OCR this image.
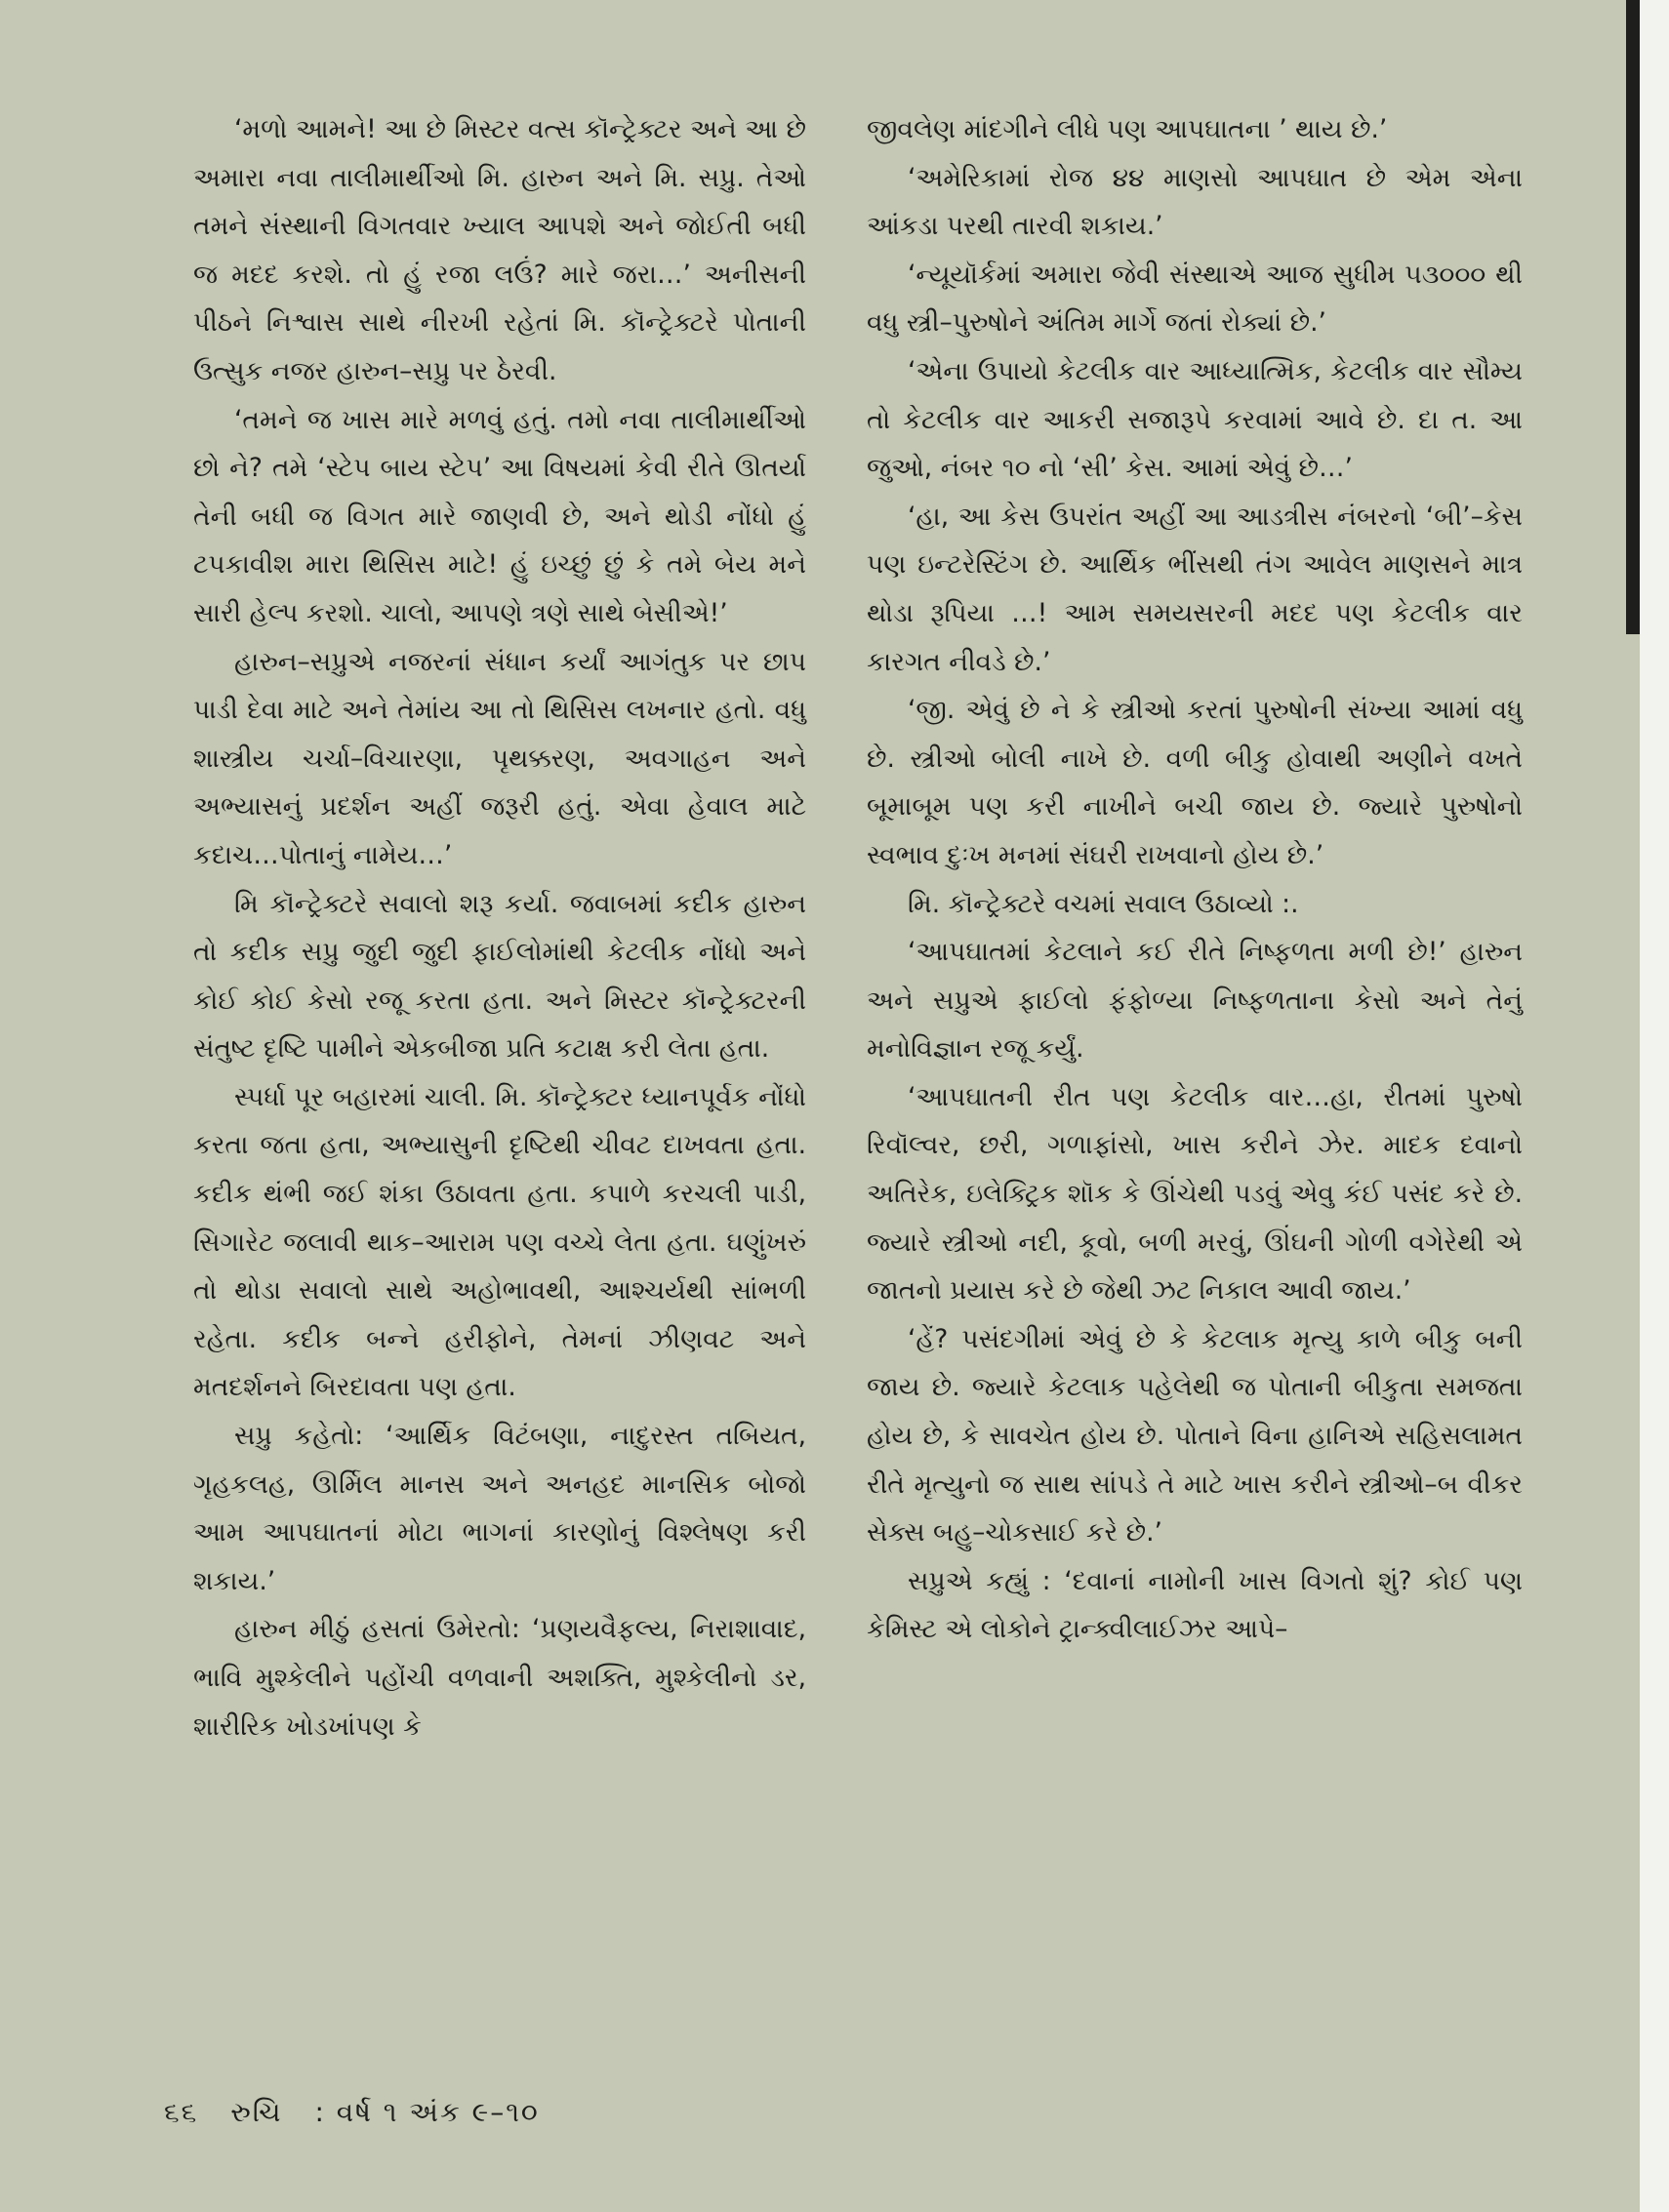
‘મળો આમને! આ છે મિસ્ટર વત્સ કૉન્ટ્રેક્ટર અને આ છે અમારા નવા તાલીમાર્થીઓ મિ. હારુન અને મિ. સપ્રુ. તેઓ તમને સંસ્થાની વિગતવાર ખ્યાલ આપશે અને જોઈતી બધી જ મદદ કરશે. તો હું રજા લઉં? મારે જરા…’ અનીસની પીઠને નિશ્વાસ સાથે નીરખી રહેતાં મિ. કૉન્ટ્રેક્ટરે પોતાની ઉત્સુક નજર હારુન–સપ્રુ પર ઠેરવી.

‘તમને જ ખાસ મારે મળવું હતું. તમો નવા તાલીમાર્થીઓ છો ને? તમે ‘સ્ટેપ બાય સ્ટેપ’ આ વિષયમાં કેવી રીતે ઊતર્યા તેની બધી જ વિગત મારે જાણવી છે, અને થોડી નોંધો હું ટપકાવીશ મારા થિસિસ માટે! હું ઇચ્છું છું કે તમે બેય મને સારી હેલ્પ કરશો. ચાલો, આપણે ત્રણે સાથે બેસીએ!’

હારુન–સપ્રુએ નજરનાં સંધાન કર્યાં આગંતુક પર છાપ પાડી દેવા માટે અને તેમાંય આ તો થિસિસ લખનાર હતો. વધુ શાસ્ત્રીય ચર્ચા–વિચારણા, પૃથક્કરણ, અવગાહન અને અભ્યાસનું પ્રદર્શન અહીં જરૂરી હતું. એવા હેવાલ માટે કદાચ…પોતાનું નામેય…’

મિ કૉન્ટ્રેક્ટરે સવાલો શરૂ કર્યા. જવાબમાં કદીક હારુન તો કદીક સપ્રુ જુદી જુદી ફાઈલોમાંથી કેટલીક નોંધો અને કોઈ કોઈ કેસો રજૂ કરતા હતા. અને મિસ્ટર કૉન્ટ્રેક્ટરની સંતુષ્ટ દૃષ્ટિ પામીને એકબીજા પ્રતિ કટાક્ષ કરી લેતા હતા.

સ્પર્ધા પૂર બહારમાં ચાલી. મિ. કૉન્ટ્રેક્ટર ધ્યાનપૂર્વક નોંધો કરતા જતા હતા, અભ્યાસુની દૃષ્ટિથી ચીવટ દાખવતા હતા. કદીક થંભી જઈ શંકા ઉઠાવતા હતા. કપાળે કરચલી પાડી, સિગારેટ જલાવી થાક–આરામ પણ વચ્ચે લેતા હતા. ઘણુંખરું તો થોડા સવાલો સાથે અહોભાવથી, આશ્ચર્યથી સાંભળી રહેતા. કદીક બન્ને હરીફોને, તેમનાં ઝીણવટ અને મતદર્શનને બિરદાવતા પણ હતા.

સપ્રુ કહેતો: ‘આર્થિક વિટંબણા, નાદુરસ્ત તબિયત, ગૃહકલહ, ઊર્મિલ માનસ અને અનહદ માનસિક બોજો આમ આપઘાતનાં મોટા ભાગનાં કારણોનું વિશ્લેષણ કરી શકાય.’

હારુન મીઠું હસતાં ઉમેરતો: ‘પ્રણયવૈફલ્ય, નિરાશાવાદ, ભાવિ મુશ્કેલીને પહોંચી વળવાની અશક્તિ, મુશ્કેલીનો ડર, શારીરિક ખોડખાંપણ કે

જીવલેણ માંદગીને લીધે પણ આપઘાતના ’ થાય છે.’

‘અમેરિકામાં રોજ ૪૪ માણસો આપઘાત છે એમ એના આંકડા પરથી તારવી શકાય.’

‘ન્યૂયૉર્કમાં અમારા જેવી સંસ્થાએ આજ સુધીમ ૫૩૦૦૦ થી વધુ સ્ત્રી–પુરુષોને અંતિમ માર્ગે જતાં રોક્યાં છે.’

‘એના ઉપાયો કેટલીક વાર આધ્યાત્મિક, કેટલીક વાર સૌમ્ય તો કેટલીક વાર આકરી સજારૂપે કરવામાં આવે છે. દા ત. આ જુઓ, નંબર ૧૦ નો ‘સી’ કેસ. આમાં એવું છે…’

‘હા, આ કેસ ઉપરાંત અહીં આ આડત્રીસ નંબરનો ‘બી’–કેસ પણ ઇન્ટરેસ્ટિંગ છે. આર્થિક ભીંસથી તંગ આવેલ માણસને માત્ર થોડા રૂપિયા …! આમ સમયસરની મદદ પણ કેટલીક વાર કારગત નીવડે છે.’

‘જી. એવું છે ને કે સ્ત્રીઓ કરતાં પુરુષોની સંખ્યા આમાં વધુ છે. સ્ત્રીઓ બોલી નાખે છે. વળી બીકુ હોવાથી અણીને વખતે બૂમાબૂમ પણ કરી નાખીને બચી જાય છે. જ્યારે પુરુષોનો સ્વભાવ દુઃખ મનમાં સંઘરી રાખવાનો હોય છે.’

મિ. કૉન્ટ્રેક્ટરે વચમાં સવાલ ઉઠાવ્યો :.

‘આપઘાતમાં કેટલાને કઈ રીતે નિષ્ફળતા મળી છે!’ હારુન અને સપ્રુએ ફાઈલો ફંફોળ્યા નિષ્ફળતાના કેસો અને તેનું મનોવિજ્ઞાન રજૂ કર્યું.

‘આપઘાતની રીત પણ કેટલીક વાર…હા, રીતમાં પુરુષો રિવૉલ્વર, છરી, ગળાફાંસો, ખાસ કરીને ઝેર. માદક દવાનો અતિરેક, ઇલેક્ટ્રિક શૉક કે ઊંચેથી પડવું એવુ કંઈ પસંદ કરે છે. જ્યારે સ્ત્રીઓ નદી, કૂવો, બળી મરવું, ઊંઘની ગોળી વગેરેથી એ જાતનો પ્રયાસ કરે છે જેથી ઝટ નિકાલ આવી જાય.’

‘હેં? પસંદગીમાં એવું છે કે કેટલાક મૃત્યુ કાળે બીકુ બની જાય છે. જ્યારે કેટલાક પહેલેથી જ પોતાની બીકુતા સમજતા હોય છે, કે સાવચેત હોય છે. પોતાને વિના હાનિએ સહિસલામત રીતે મૃત્યુનો જ સાથ સાંપડે તે માટે ખાસ કરીને સ્ત્રીઓ–બ વીકર સેક્સ બહુ–ચોકસાઈ કરે છે.’

સપ્રુએ કહ્યું : ‘દવાનાં નામોની ખાસ વિગતો શું? કોઈ પણ કેમિસ્ટ એ લોકોને ટ્રાન્ક્વીલાઈઝર આપે–

૬૬ રુચિ : વર્ષ ૧ અંક ૯–૧૦
